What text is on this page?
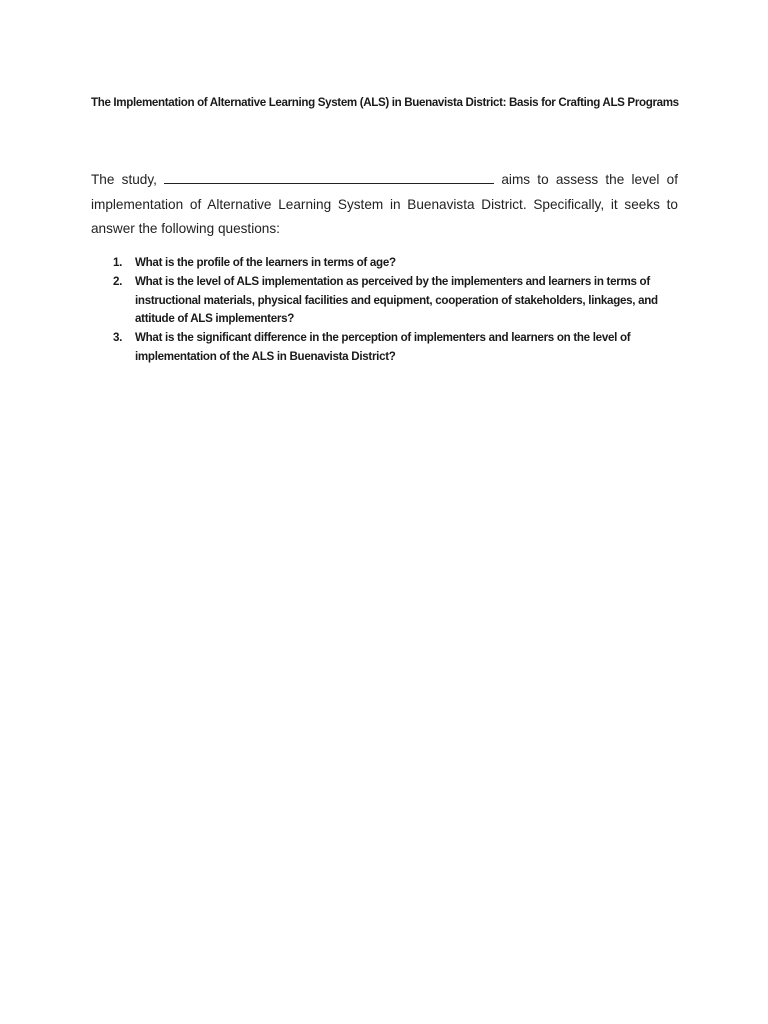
The Implementation of Alternative Learning System (ALS) in Buenavista District: Basis for Crafting ALS Programs

The study,	aims to assess the level of implementation of Alternative Learning System in Buenavista District. Specifically, it seeks to answer the following questions:

1. What is the profile of the learners in terms of age?
2. What is the level of ALS implementation as perceived by the implementers and learners in terms of instructional materials, physical facilities and equipment, cooperation of stakeholders, linkages, and attitude of ALS implementers?
3. What is the significant difference in the perception of implementers and learners on the level of implementation of the ALS in Buenavista District?
